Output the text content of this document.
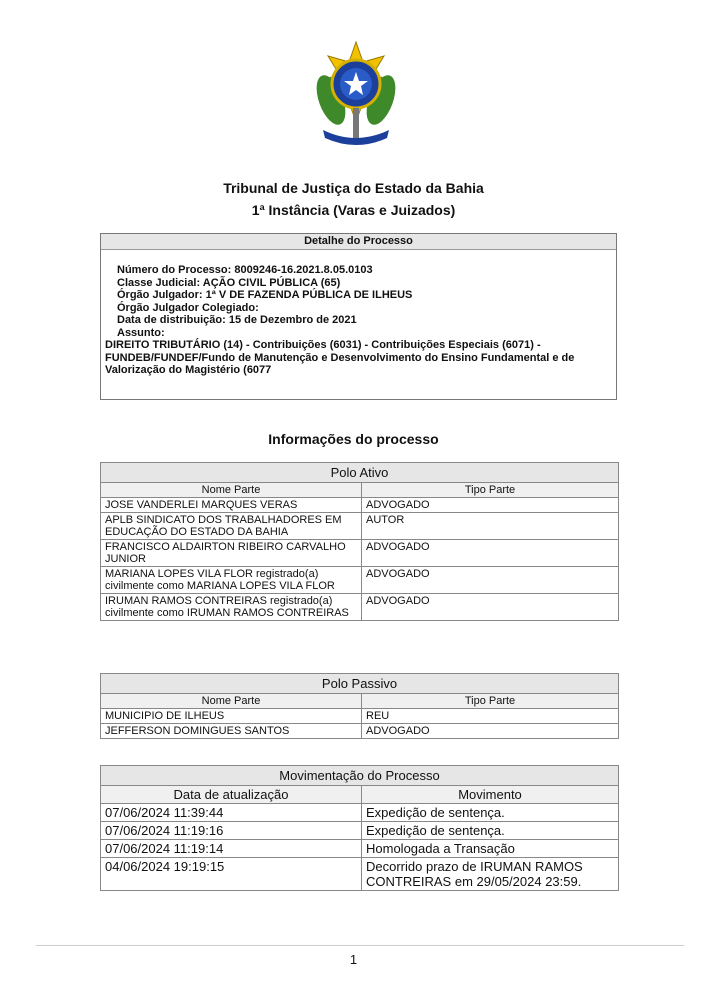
Tribunal de Justiça do Estado da Bahia
1ª Instância (Varas e Juizados)
Detalhe do Processo
Número do Processo: 8009246-16.2021.8.05.0103
Classe Judicial: AÇÃO CIVIL PÚBLICA (65)
Órgão Julgador: 1ª V DE FAZENDA PÚBLICA DE ILHEUS
Órgão Julgador Colegiado:
Data de distribuição: 15 de Dezembro de 2021
Assunto:
DIREITO TRIBUTÁRIO (14) - Contribuições (6031) - Contribuições Especiais (6071) - FUNDEB/FUNDEF/Fundo de Manutenção e Desenvolvimento do Ensino Fundamental e de Valorização do Magistério (6077
Informações do processo
Polo Ativo	
Nome Parte	Tipo Parte
JOSE VANDERLEI MARQUES VERAS	ADVOGADO
APLB SINDICATO DOS TRABALHADORES EM EDUCAÇÃO DO ESTADO DA BAHIA	AUTOR
FRANCISCO ALDAIRTON RIBEIRO CARVALHO JUNIOR	ADVOGADO
MARIANA LOPES VILA FLOR registrado(a) civilmente como MARIANA LOPES VILA FLOR	ADVOGADO
IRUMAN RAMOS CONTREIRAS registrado(a) civilmente como IRUMAN RAMOS CONTREIRAS	ADVOGADO
Polo Passivo	
Nome Parte	Tipo Parte
MUNICIPIO DE ILHEUS	REU
JEFFERSON DOMINGUES SANTOS	ADVOGADO
Movimentação do Processo	
Data de atualização	Movimento
07/06/2024 11:39:44	Expedição de sentença.
07/06/2024 11:19:16	Expedição de sentença.
07/06/2024 11:19:14	Homologada a Transação
04/06/2024 19:19:15	Decorrido prazo de IRUMAN RAMOS CONTREIRAS em 29/05/2024 23:59.
1
